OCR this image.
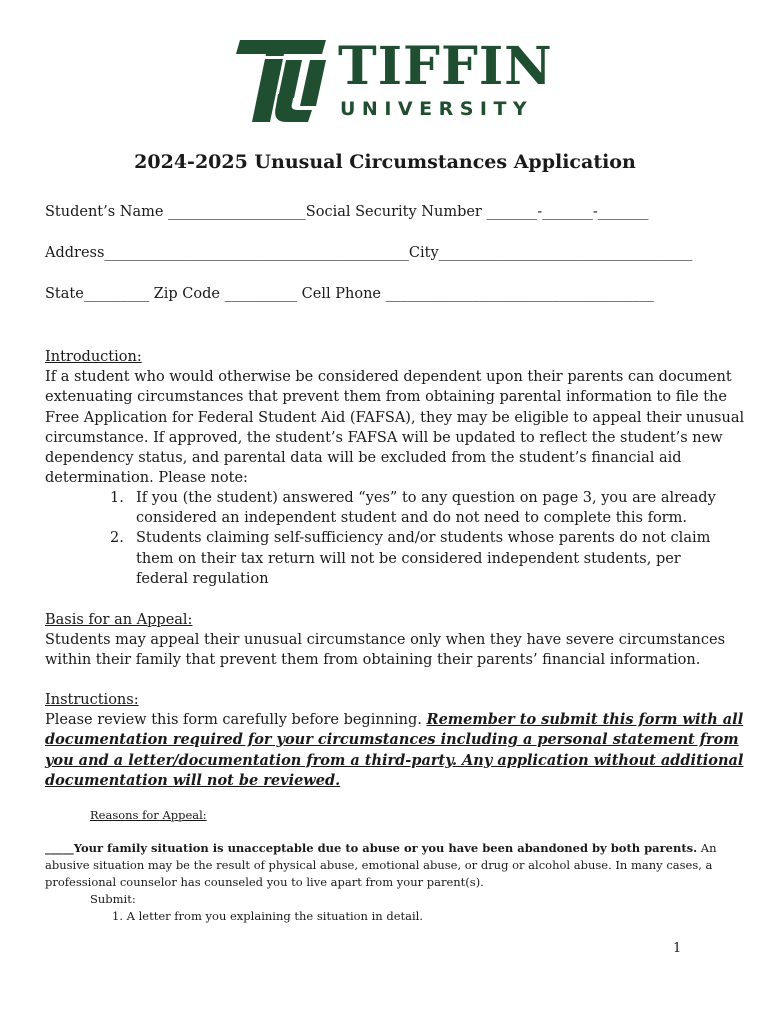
TIFFIN
UNIVERSITY
2024-2025 Unusual Circumstances Application
Student’s Name ___________________Social Security Number _______-_______-_______
Address__________________________________________City___________________________________
State_________ Zip Code __________ Cell Phone _____________________________________
Introduction:
If a student who would otherwise be considered dependent upon their parents can document extenuating circumstances that prevent them from obtaining parental information to file the Free Application for Federal Student Aid (FAFSA), they may be eligible to appeal their unusual circumstance. If approved, the student’s FAFSA will be updated to reflect the student’s new dependency status, and parental data will be excluded from the student’s financial aid determination. Please note:
1. If you (the student) answered “yes” to any question on page 3, you are already considered an independent student and do not need to complete this form.
2. Students claiming self-sufficiency and/or students whose parents do not claim them on their tax return will not be considered independent students, per federal regulation
Basis for an Appeal:
Students may appeal their unusual circumstance only when they have severe circumstances within their family that prevent them from obtaining their parents’ financial information.
Instructions:
Please review this form carefully before beginning. Remember to submit this form with all documentation required for your circumstances including a personal statement from you and a letter/documentation from a third-party. Any application without additional documentation will not be reviewed.
Reasons for Appeal:
_____Your family situation is unacceptable due to abuse or you have been abandoned by both parents. An abusive situation may be the result of physical abuse, emotional abuse, or drug or alcohol abuse. In many cases, a professional counselor has counseled you to live apart from your parent(s).
Submit:
1. A letter from you explaining the situation in detail.
1
